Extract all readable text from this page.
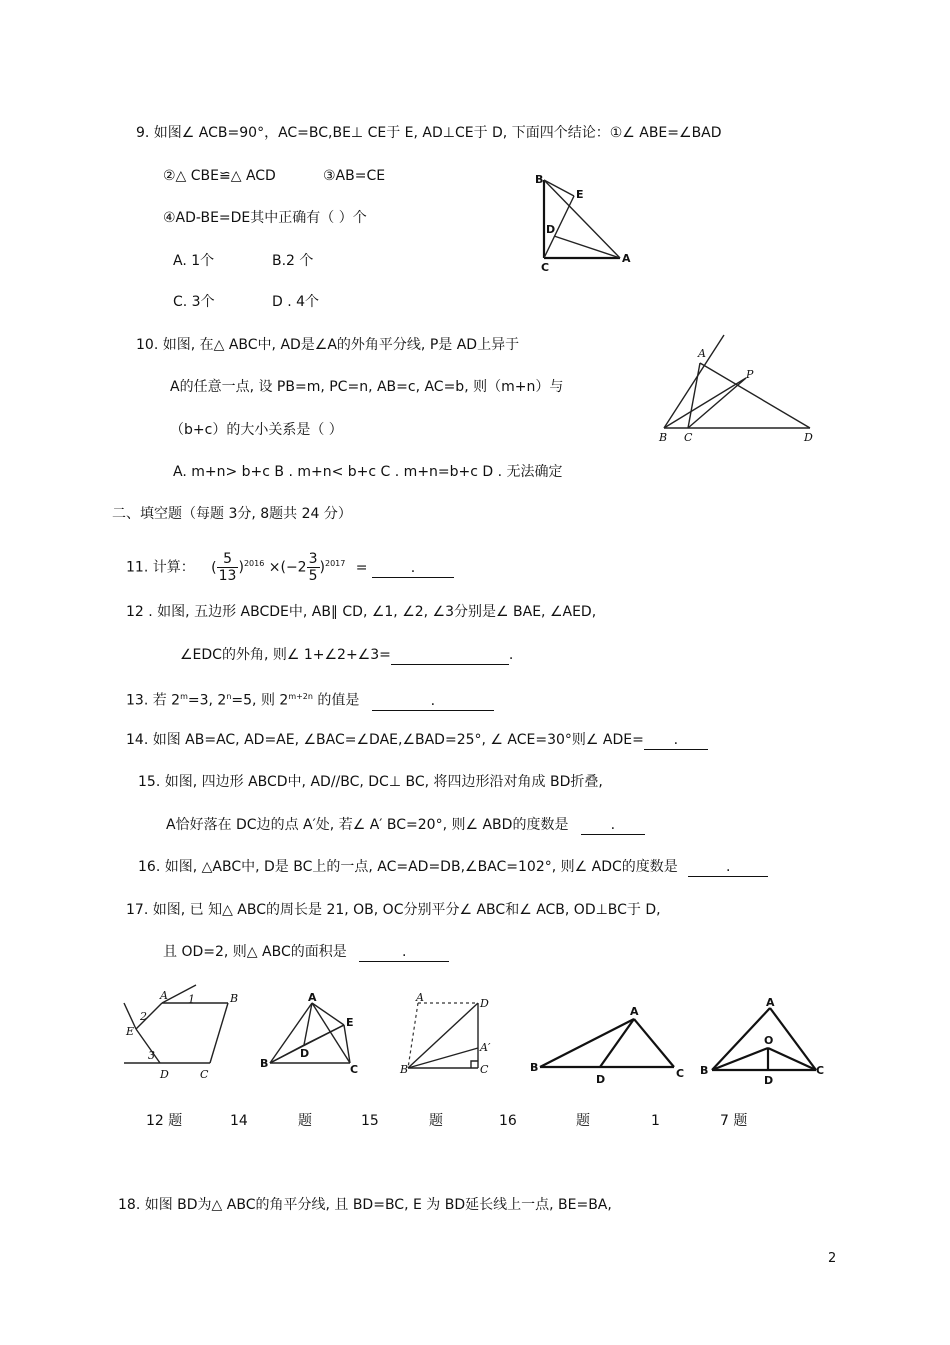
9. 如图∠ ACB=90°，AC=BC,BE⊥ CE于 E, AD⊥CE于 D, 下面四个结论：①∠ ABE=∠BAD
②△ CBE≌△ ACD	③AB=CE
④AD-BE=DE其中正确有（ ）个
A. 1个	B.2 个
C. 3个	D . 4个
B
E
D
C
A
10. 如图, 在△ ABC中, AD是∠A的外角平分线, P是 AD上异于
A的任意一点, 设 PB=m, PC=n, AB=c, AC=b, 则（m+n）与
（b+c）的大小关系是（ ）
A. m+n> b+c B . m+n< b+c C . m+n=b+c D . 无法确定
A
P
B C	D
二、填空题（每题 3分, 8题共 24 分）
11. 计算： ( $\frac{5}{13} )^{2016} \times(-2 \frac{3}{5} )^{2017}$ =	.
12 . 如图, 五边形 ABCDE中, AB∥ CD, ∠1, ∠2, ∠3分别是∠ BAE, ∠AED,
∠EDC的外角, 则∠ 1+∠2+∠3=	.
13. 若 $2^m=3$, $2^n=5$, 则 $2^{m+2n}$ 的值是	.
14. 如图 AB=AC, AD=AE, ∠BAC=∠DAE,∠BAD=25°, ∠ ACE=30°则∠ ADE= .
15. 如图, 四边形 ABCD中, AD//BC, DC⊥ BC, 将四边形沿对角成 BD折叠,
A恰好落在 DC边的点 A′处, 若∠ A′ BC=20°, 则∠ ABD的度数是	.
16. 如图, △ABC中, D是 BC上的一点, AC=AD=DB,∠BAC=102°, 则∠ ADC的度数是	.
17. 如图, 已 知△ ABC的周长是 21, OB, OC分别平分∠ ABC和∠ ACB, OD⊥BC于 D,
且 OD=2, 则△ ABC的面积是	.
A 1	B
2
E
3
D	C
A
E
D
B	C
A	D
A′
B	C
A
B
D	C
A
O
B
D
C
12 题	14	题	15	题	16	题	1	7 题
18. 如图 BD为△ ABC的角平分线, 且 BD=BC, E 为 BD延长线上一点, BE=BA,
2
